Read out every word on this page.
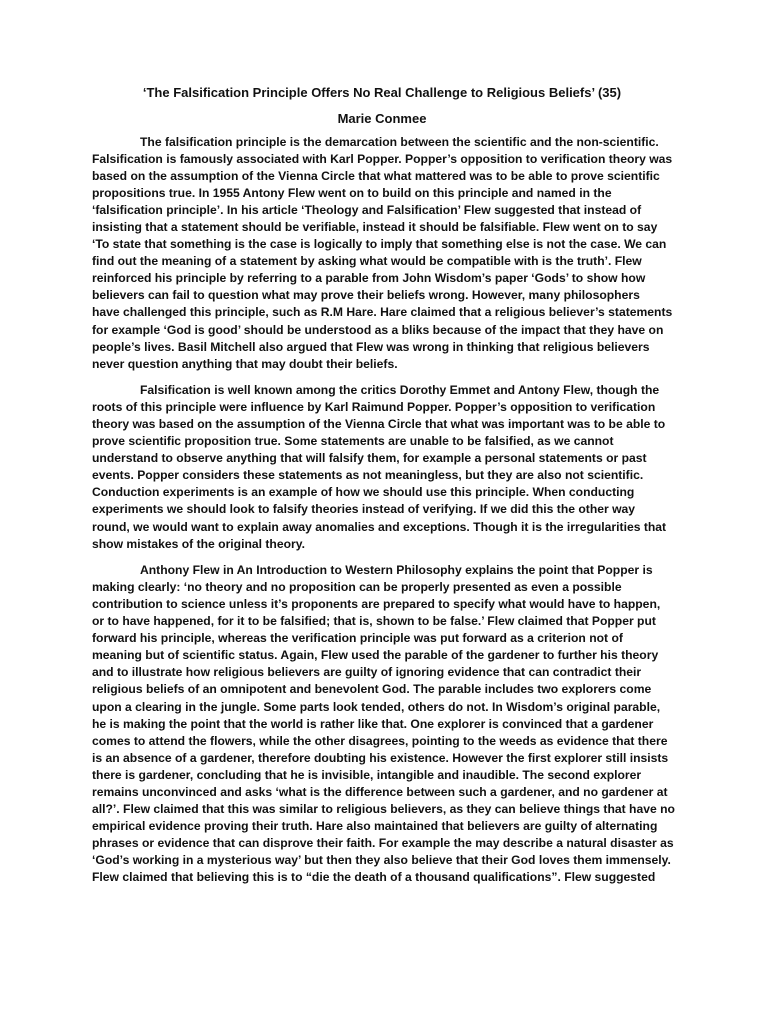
‘The Falsification Principle Offers No Real Challenge to Religious Beliefs’ (35)
Marie Conmee
The falsification principle is the demarcation between the scientific and the non-scientific.
Falsification is famously associated with Karl Popper. Popper’s opposition to verification theory was
based on the assumption of the Vienna Circle that what mattered was to be able to prove scientific
propositions true. In 1955 Antony Flew went on to build on this principle and named in the
‘falsification principle’. In his article ‘Theology and Falsification’ Flew suggested that instead of
insisting that a statement should be verifiable, instead it should be falsifiable. Flew went on to say
‘To state that something is the case is logically to imply that something else is not the case. We can
find out the meaning of a statement by asking what would be compatible with is the truth’. Flew
reinforced his principle by referring to a parable from John Wisdom’s paper ‘Gods’ to show how
believers can fail to question what may prove their beliefs wrong. However, many philosophers
have challenged this principle, such as R.M Hare. Hare claimed that a religious believer’s statements
for example ‘God is good’ should be understood as a bliks because of the impact that they have on
people’s lives. Basil Mitchell also argued that Flew was wrong in thinking that religious believers
never question anything that may doubt their beliefs.
Falsification is well known among the critics Dorothy Emmet and Antony Flew, though the
roots of this principle were influence by Karl Raimund Popper. Popper’s opposition to verification
theory was based on the assumption of the Vienna Circle that what was important was to be able to
prove scientific proposition true. Some statements are unable to be falsified, as we cannot
understand to observe anything that will falsify them, for example a personal statements or past
events. Popper considers these statements as not meaningless, but they are also not scientific.
Conduction experiments is an example of how we should use this principle. When conducting
experiments we should look to falsify theories instead of verifying. If we did this the other way
round, we would want to explain away anomalies and exceptions. Though it is the irregularities that
show mistakes of the original theory.
Anthony Flew in An Introduction to Western Philosophy explains the point that Popper is
making clearly: ‘no theory and no proposition can be properly presented as even a possible
contribution to science unless it’s proponents are prepared to specify what would have to happen,
or to have happened, for it to be falsified; that is, shown to be false.’ Flew claimed that Popper put
forward his principle, whereas the verification principle was put forward as a criterion not of
meaning but of scientific status. Again, Flew used the parable of the gardener to further his theory
and to illustrate how religious believers are guilty of ignoring evidence that can contradict their
religious beliefs of an omnipotent and benevolent God. The parable includes two explorers come
upon a clearing in the jungle. Some parts look tended, others do not. In Wisdom’s original parable,
he is making the point that the world is rather like that. One explorer is convinced that a gardener
comes to attend the flowers, while the other disagrees, pointing to the weeds as evidence that there
is an absence of a gardener, therefore doubting his existence. However the first explorer still insists
there is gardener, concluding that he is invisible, intangible and inaudible. The second explorer
remains unconvinced and asks ‘what is the difference between such a gardener, and no gardener at
all?’. Flew claimed that this was similar to religious believers, as they can believe things that have no
empirical evidence proving their truth. Hare also maintained that believers are guilty of alternating
phrases or evidence that can disprove their faith. For example the may describe a natural disaster as
‘God’s working in a mysterious way’ but then they also believe that their God loves them immensely.
Flew claimed that believing this is to “die the death of a thousand qualifications”. Flew suggested
